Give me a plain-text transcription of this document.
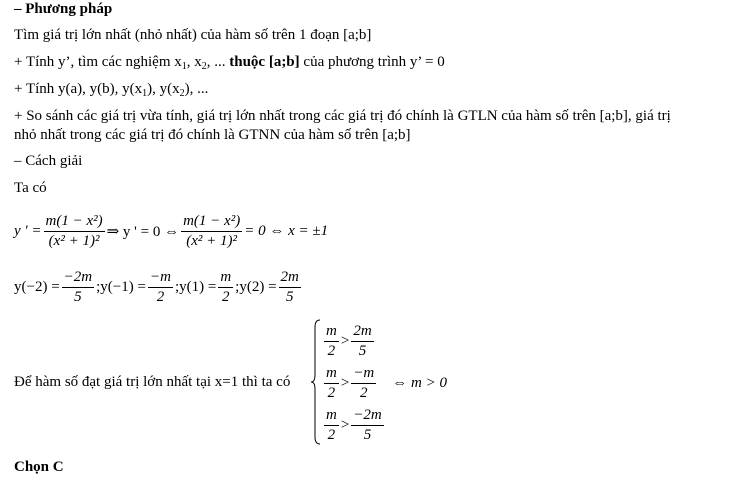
– Phương pháp
Tìm giá trị lớn nhất (nhỏ nhất) của hàm số trên 1 đoạn [a;b]
+ Tính y’, tìm các nghiệm $x_1$, $x_2$, ... thuộc [a;b] của phương trình y’ = 0
+ Tính y(a), y(b), $y(x_1)$, $y(x_2)$, ...
+ So sánh các giá trị vừa tính, giá trị lớn nhất trong các giá trị đó chính là GTLN của hàm số trên [a;b], giá trị
nhỏ nhất trong các giá trị đó chính là GTNN của hàm số trên [a;b]
– Cách giải
Ta có
y ' = $\frac{\text{m(1 − x²)}}{\text{(x² + 1)²}}$ ⇒ y ' = 0 ⇔ $\frac{\text{m(1 − x²)}}{\text{(x² + 1)²}} = 0$ ⇔ x = ±1
$y(-2) = \frac{-2m}{5}$ ;y(−1) = $\frac{-m}{2}$ ;y(1) = $\frac{m}{2}$ ;y(2) = $\frac{2m}{5}$
Để hàm số đạt giá trị lớn nhất tại x=1 thì ta có
$\frac{m}{2} > \frac{2m}{5}$
$\frac{m}{2} > \frac{-m}{2}$ ⇔ m > 0
$\frac{m}{2} > \frac{-2m}{5}$
Chọn C
